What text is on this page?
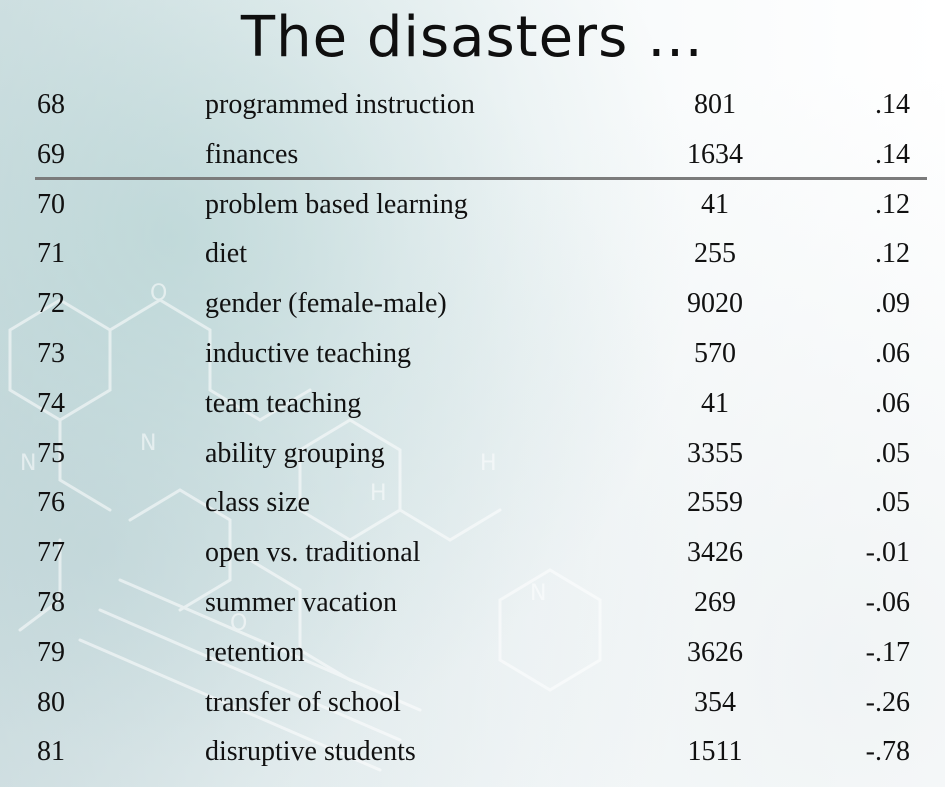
O
N
N
H
H
N
O
The disasters …
68	programmed instruction	801	.14
69	finances	1634	.14
70	problem based learning	41	.12
71	diet	255	.12
72	gender (female-male)	9020	.09
73	inductive teaching	570	.06
74	team teaching	41	.06
75	ability grouping	3355	.05
76	class size	2559	.05
77	open vs. traditional	3426	-.01
78	summer vacation	269	-.06
79	retention	3626	-.17
80	transfer of school	354	-.26
81	disruptive students	1511	-.78
